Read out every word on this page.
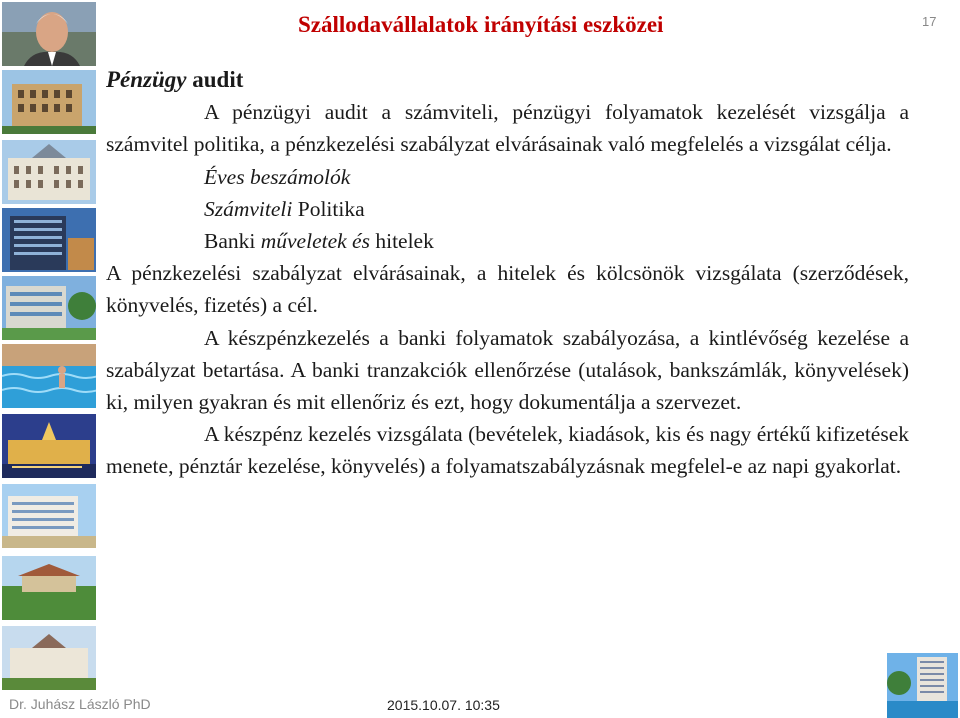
Szállodavállalatok irányítási eszközei	17

Pénzügy audit

A pénzügyi audit a számviteli, pénzügyi folyamatok kezelését vizsgálja a számvitel politika, a pénzkezelési szabályzat elvárásainak való megfelelés a vizsgálat célja.

Éves beszámolók

Számviteli Politika

Banki műveletek és hitelek

A pénzkezelési szabályzat elvárásainak, a hitelek és kölcsönök vizsgálata (szerződések, könyvelés, fizetés) a cél.

A készpénzkezelés a banki folyamatok szabályozása, a kintlévőség kezelése a szabályzat betartása. A banki tranzakciók ellenőrzése (utalások, bankszámlák, könyvelések) ki, milyen gyakran és mit ellenőriz és ezt, hogy dokumentálja a szervezet.

A készpénz kezelés vizsgálata (bevételek, kiadások, kis és nagy értékű kifizetések menete, pénztár kezelése, könyvelés) a folyamatszabályzásnak megfelel-e az napi gyakorlat.

Dr. Juhász László PhD	2015.10.07. 10:35
